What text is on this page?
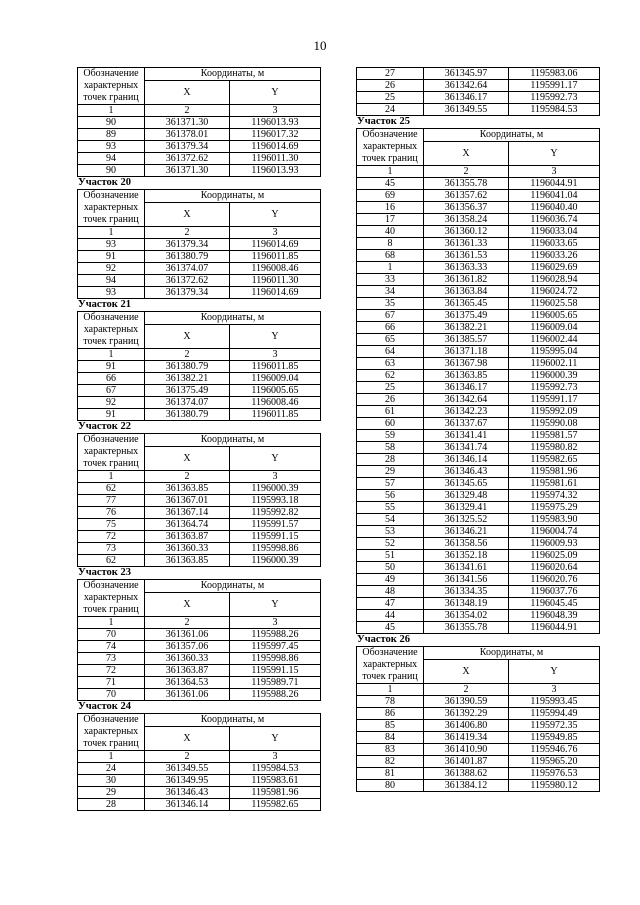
10
Обозначение характерных точек границ	Координаты, м	
	X	Y
1	2	3
90	361371.30	1196013.93
89	361378.01	1196017.32
93	361379.34	1196014.69
94	361372.62	1196011.30
90	361371.30	1196013.93
Участок 20
Обозначение характерных точек границ	Координаты, м	
	X	Y
1	2	3
93	361379.34	1196014.69
91	361380.79	1196011.85
92	361374.07	1196008.46
94	361372.62	1196011.30
93	361379.34	1196014.69
Участок 21
Обозначение характерных точек границ	Координаты, м	
	X	Y
1	2	3
91	361380.79	1196011.85
66	361382.21	1196009.04
67	361375.49	1196005.65
92	361374.07	1196008.46
91	361380.79	1196011.85
Участок 22
Обозначение характерных точек границ	Координаты, м	
	X	Y
1	2	3
62	361363.85	1196000.39
77	361367.01	1195993.18
76	361367.14	1195992.82
75	361364.74	1195991.57
72	361363.87	1195991.15
73	361360.33	1195998.86
62	361363.85	1196000.39
Участок 23
Обозначение характерных точек границ	Координаты, м	
	X	Y
1	2	3
70	361361.06	1195988.26
74	361357.06	1195997.45
73	361360.33	1195998.86
72	361363.87	1195991.15
71	361364.53	1195989.71
70	361361.06	1195988.26
Участок 24
Обозначение характерных точек границ	Координаты, м	
	X	Y
1	2	3
24	361349.55	1195984.53
30	361349.95	1195983.61
29	361346.43	1195981.96
28	361346.14	1195982.65
27	361345.97	1195983.06
26	361342.64	1195991.17
25	361346.17	1195992.73
24	361349.55	1195984.53
Участок 25
Обозначение характерных точек границ	Координаты, м	
	X	Y
1	2	3
45	361355.78	1196044.91
69	361357.62	1196041.04
16	361356.37	1196040.40
17	361358.24	1196036.74
40	361360.12	1196033.04
8	361361.33	1196033.65
68	361361.53	1196033.26
1	361363.33	1196029.69
33	361361.82	1196028.94
34	361363.84	1196024.72
35	361365.45	1196025.58
67	361375.49	1196005.65
66	361382.21	1196009.04
65	361385.57	1196002.44
64	361371.18	1195995.04
63	361367.98	1196002.11
62	361363.85	1196000.39
25	361346.17	1195992.73
26	361342.64	1195991.17
61	361342.23	1195992.09
60	361337.67	1195990.08
59	361341.41	1195981.57
58	361341.74	1195980.82
28	361346.14	1195982.65
29	361346.43	1195981.96
57	361345.65	1195981.61
56	361329.48	1195974.32
55	361329.41	1195975.29
54	361325.52	1195983.90
53	361346.21	1196004.74
52	361358.56	1196009.93
51	361352.18	1196025.09
50	361341.61	1196020.64
49	361341.56	1196020.76
48	361334.35	1196037.76
47	361348.19	1196045.45
44	361354.02	1196048.39
45	361355.78	1196044.91
Участок 26
Обозначение характерных точек границ	Координаты, м	
	X	Y
1	2	3
78	361390.59	1195993.45
86	361392.29	1195994.49
85	361406.80	1195972.35
84	361419.34	1195949.85
83	361410.90	1195946.76
82	361401.87	1195965.20
81	361388.62	1195976.53
80	361384.12	1195980.12
